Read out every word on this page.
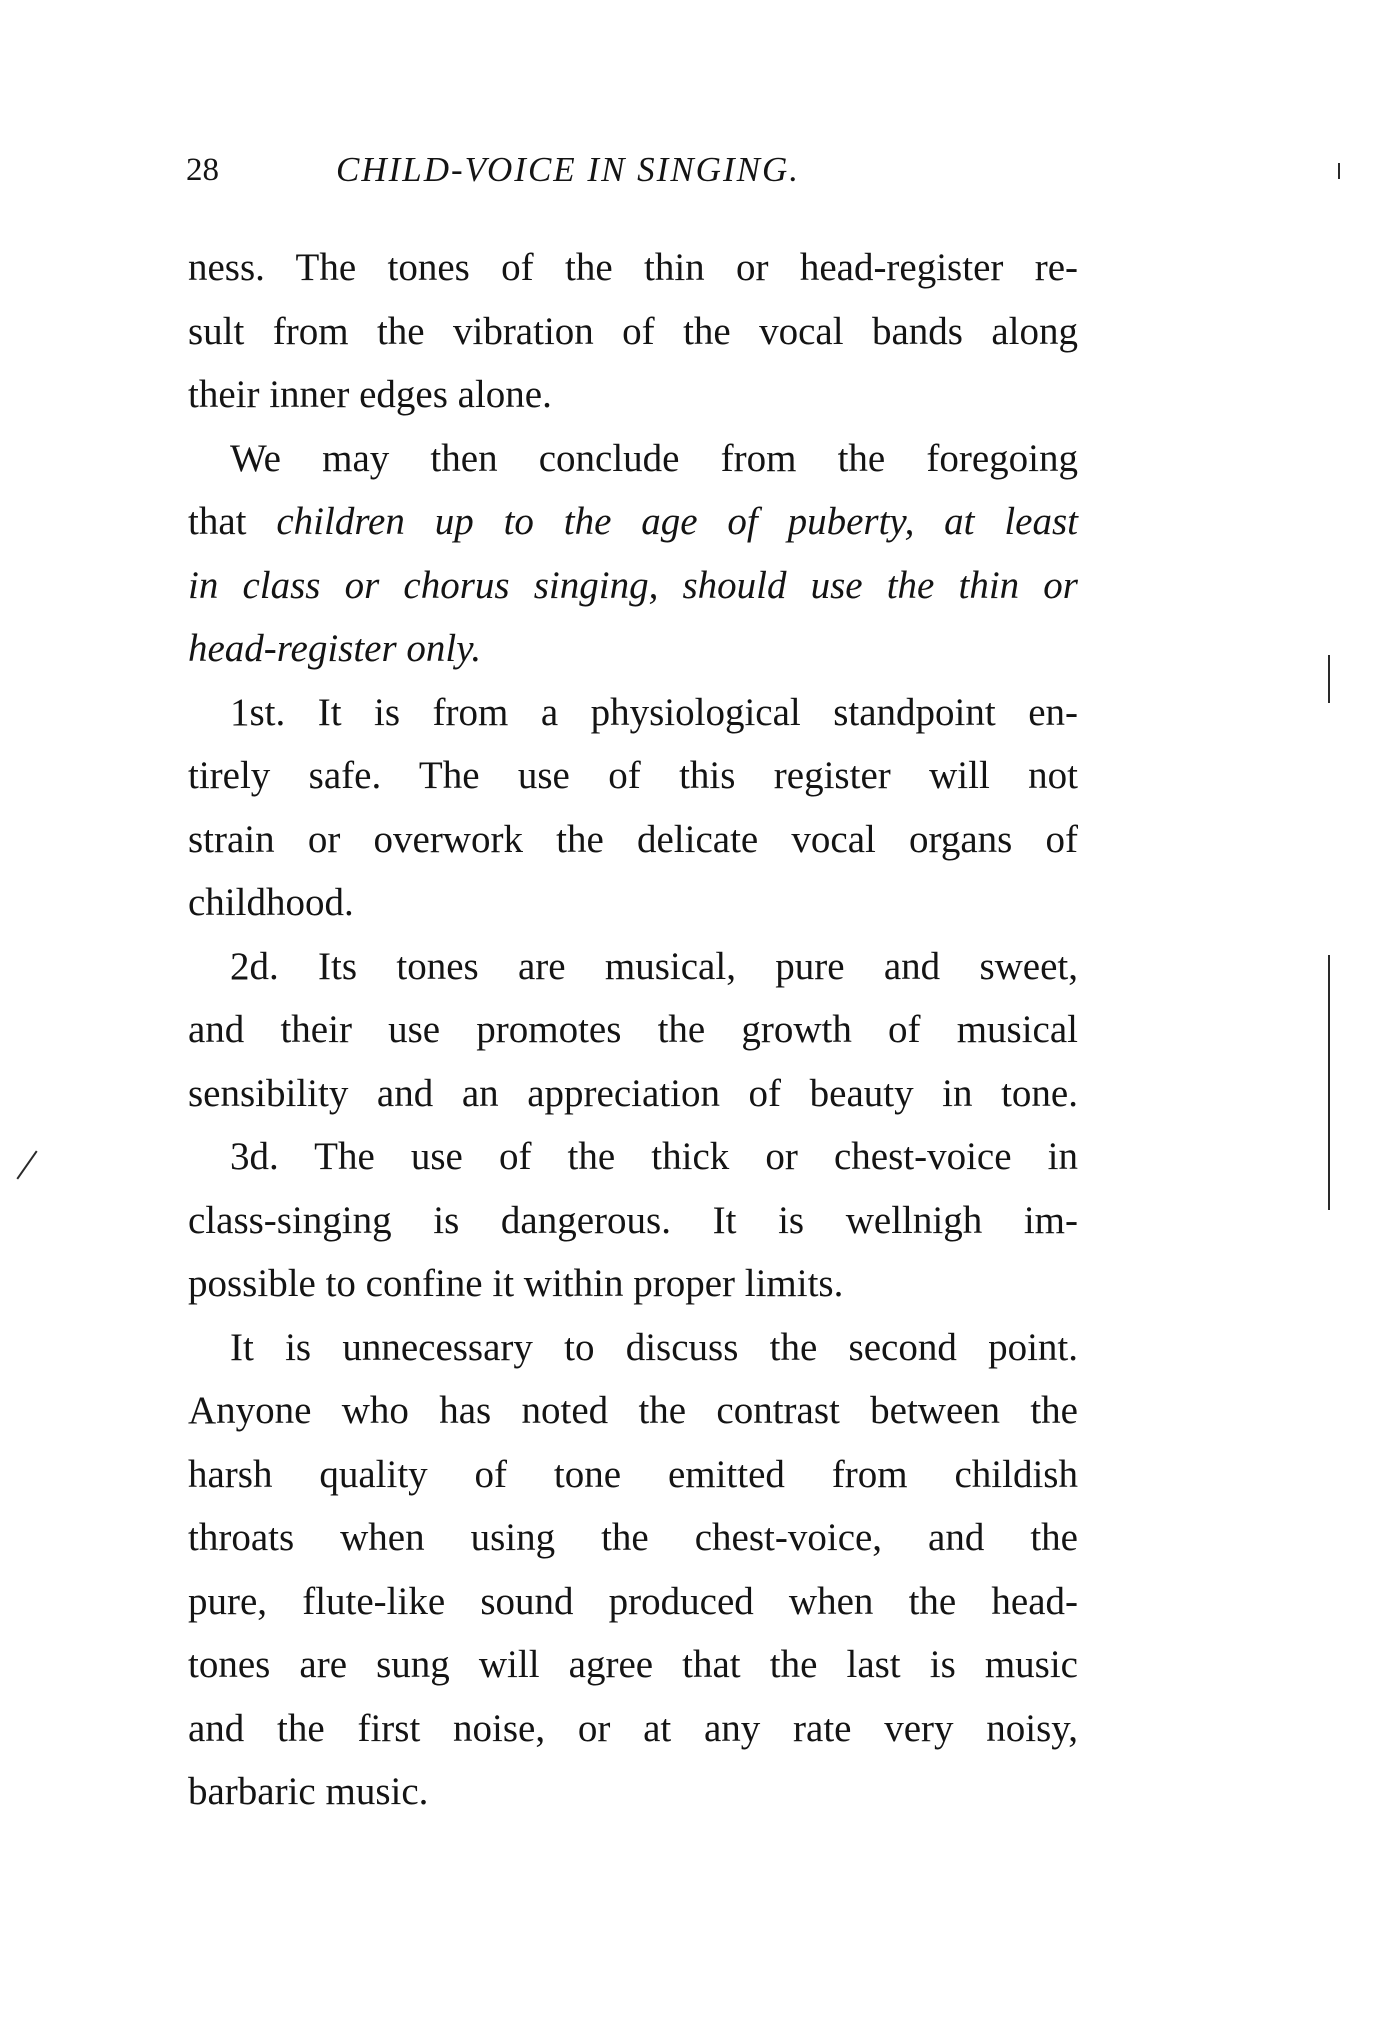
28	CHILD-VOICE IN SINGING.
ness. The tones of the thin or head-register re-
sult from the vibration of the vocal bands along
their inner edges alone.
We may then conclude from the foregoing
that children up to the age of puberty, at least
in class or chorus singing, should use the thin or
head-register only.
1st. It is from a physiological standpoint en-
tirely safe. The use of this register will not
strain or overwork the delicate vocal organs of
childhood.
2d. Its tones are musical, pure and sweet,
and their use promotes the growth of musical
sensibility and an appreciation of beauty in tone.
3d. The use of the thick or chest-voice in
class-singing is dangerous. It is wellnigh im-
possible to confine it within proper limits.
It is unnecessary to discuss the second point.
Anyone who has noted the contrast between the
harsh quality of tone emitted from childish
throats when using the chest-voice, and the
pure, flute-like sound produced when the head-
tones are sung will agree that the last is music
and the first noise, or at any rate very noisy,
barbaric music.
